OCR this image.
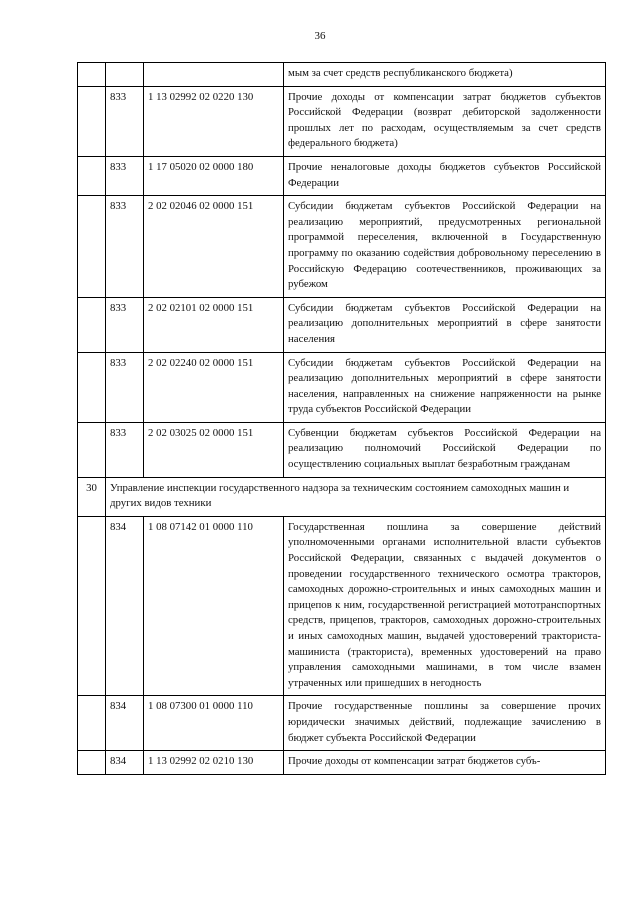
36
			мым за счет средств республиканского бюджета)
	833	1 13 02992 02 0220 130	Прочие доходы от компенсации затрат бюджетов субъектов Российской Федерации (возврат дебиторской задолженности прошлых лет по расходам, осуществляемым за счет средств федерального бюджета)
	833	1 17 05020 02 0000 180	Прочие неналоговые доходы бюджетов субъектов Российской Федерации
	833	2 02 02046 02 0000 151	Субсидии бюджетам субъектов Российской Федерации на реализацию мероприятий, предусмотренных региональной программой переселения, включенной в Государственную программу по оказанию содействия добровольному переселению в Российскую Федерацию соотечественников, проживающих за рубежом
	833	2 02 02101 02 0000 151	Субсидии бюджетам субъектов Российской Федерации на реализацию дополнительных мероприятий в сфере занятости населения
	833	2 02 02240 02 0000 151	Субсидии бюджетам субъектов Российской Федерации на реализацию дополнительных мероприятий в сфере занятости населения, направленных на снижение напряженности на рынке труда субъектов Российской Федерации
	833	2 02 03025 02 0000 151	Субвенции бюджетам субъектов Российской Федерации на реализацию полномочий Российской Федерации по осуществлению социальных выплат безработным гражданам
30	Управление инспекции государственного надзора за техническим состоянием самоходных машин и других видов техники		
	834	1 08 07142 01 0000 110	Государственная пошлина за совершение действий уполномоченными органами исполнительной власти субъектов Российской Федерации, связанных с выдачей документов о проведении государственного технического осмотра тракторов, самоходных дорожно-строительных и иных самоходных машин и прицепов к ним, государственной регистрацией мототранспортных средств, прицепов, тракторов, самоходных дорожно-строительных и иных самоходных машин, выдачей удостоверений тракториста-машиниста (тракториста), временных удостоверений на право управления самоходными машинами, в том числе взамен утраченных или пришедших в негодность
	834	1 08 07300 01 0000 110	Прочие государственные пошлины за совершение прочих юридически значимых действий, подлежащие зачислению в бюджет субъекта Российской Федерации
	834	1 13 02992 02 0210 130	Прочие доходы от компенсации затрат бюджетов субъ-
